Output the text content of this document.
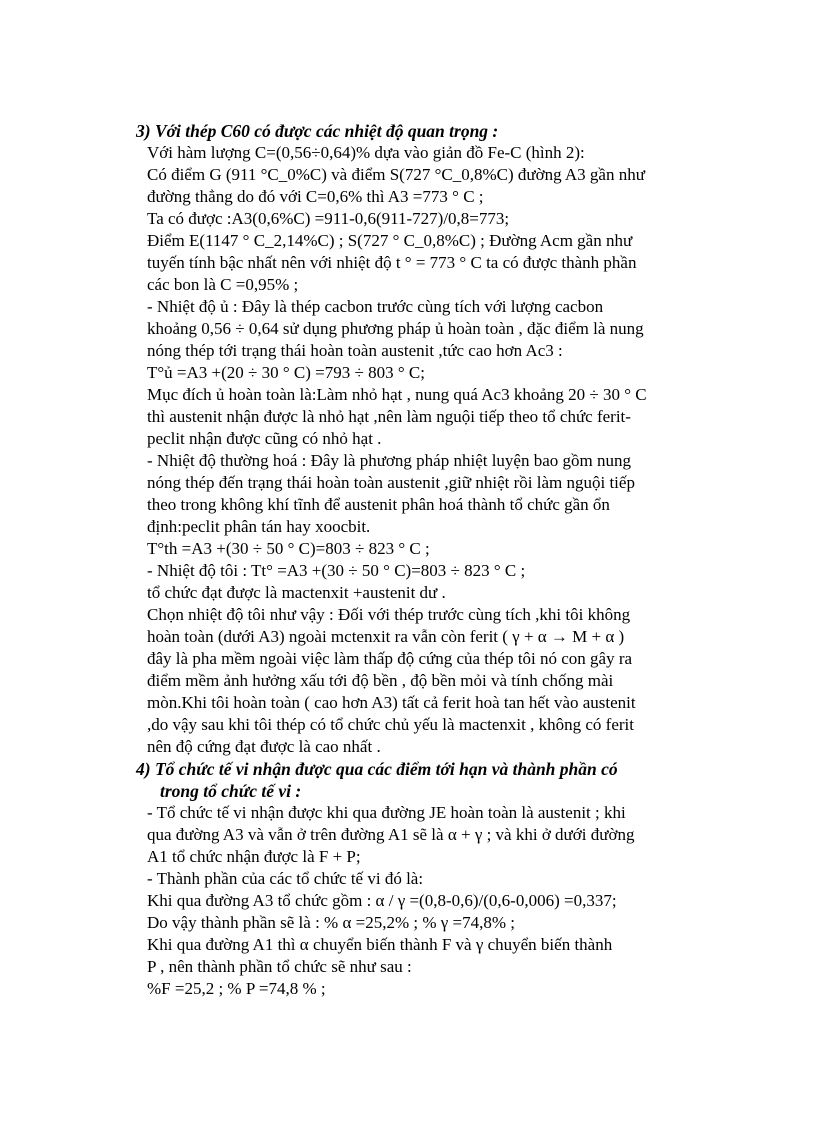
3) Với thép C60 có được các nhiệt độ quan trọng :
Với hàm lượng C=(0,56÷0,64)% dựa vào giản đồ Fe-C (hình 2):
Có điểm G (911 °C_0%C) và điểm S(727 °C_0,8%C) đường A3 gần như
đường thẳng do đó với C=0,6% thì A3 =773 ° C ;
Ta có được :A3(0,6%C) =911-0,6(911-727)/0,8=773;
Điểm E(1147 ° C_2,14%C) ; S(727 ° C_0,8%C) ; Đường Acm gần như
tuyến tính bậc nhất nên với nhiệt độ t ° = 773 ° C ta có được thành phần
các bon là C =0,95% ;
- Nhiệt độ ủ : Đây là thép cacbon trước cùng tích với lượng cacbon
khoảng 0,56 ÷ 0,64 sử dụng phương pháp ủ hoàn toàn , đặc điểm là nung
nóng thép tới trạng thái hoàn toàn austenit ,tức cao hơn Ac3 :
T°ủ =A3 +(20 ÷ 30 ° C) =793 ÷ 803 ° C;
Mục đích ủ hoàn toàn là:Làm nhỏ hạt , nung quá Ac3 khoảng 20 ÷ 30 ° C
thì austenit nhận được là nhỏ hạt ,nên làm nguội tiếp theo tổ chức ferit-
peclit nhận được cũng có nhỏ hạt .
- Nhiệt độ thường hoá : Đây là phương pháp nhiệt luyện bao gồm nung
nóng thép đến trạng thái hoàn toàn austenit ,giữ nhiệt rồi làm nguội tiếp
theo trong không khí tĩnh để austenit phân hoá thành tổ chức gần ổn
định:peclit phân tán hay xoocbit.
T°th =A3 +(30 ÷ 50 ° C)=803 ÷ 823 ° C ;
- Nhiệt độ tôi : Tt° =A3 +(30 ÷ 50 ° C)=803 ÷ 823 ° C ;
tổ chức đạt được là mactenxit +austenit dư .
Chọn nhiệt độ tôi như vậy : Đối với thép trước cùng tích ,khi tôi không
hoàn toàn (dưới A3) ngoài mctenxit ra vẫn còn ferit ( γ + α → M + α )
đây là pha mềm ngoài việc làm thấp độ cứng của thép tôi nó con gây ra
điểm mềm ảnh hưởng xấu tới độ bền , độ bền mỏi và tính chống mài
mòn.Khi tôi hoàn toàn ( cao hơn A3) tất cả ferit hoà tan hết vào austenit
,do vậy sau khi tôi thép có tổ chức chủ yếu là mactenxit , không có ferit
nên độ cứng đạt được là cao nhất .
4) Tổ chức tế vi nhận được qua các điểm tới hạn và thành phần có
trong tổ chức tế vi :
- Tổ chức tế vi nhận được khi qua đường JE hoàn toàn là austenit ; khi
qua đường A3 và vẫn ở trên đường A1 sẽ là α + γ ; và khi ở dưới đường
A1 tổ chức nhận được là F + P;
- Thành phần của các tổ chức tế vi đó là:
Khi qua đường A3 tổ chức gồm : α / γ =(0,8-0,6)/(0,6-0,006) =0,337;
Do vậy thành phần sẽ là : % α =25,2% ; % γ =74,8% ;
Khi qua đường A1 thì α chuyển biến thành F và γ chuyển biến thành
P , nên thành phần tổ chức sẽ như sau :
%F =25,2 ; % P =74,8 % ;
